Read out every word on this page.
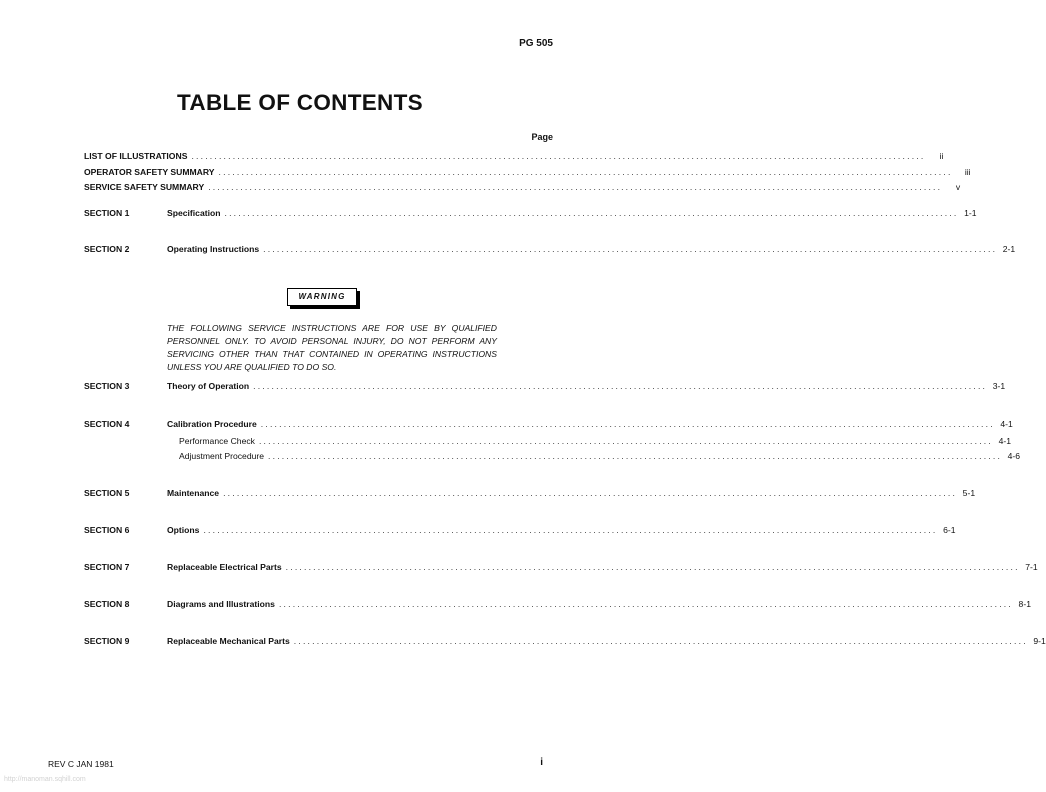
PG 505
TABLE OF CONTENTS
Page
LIST OF ILLUSTRATIONS ................................................................................................................................................................	ii
OPERATOR SAFETY SUMMARY ................................................................................................................................................................	iii
SERVICE SAFETY SUMMARY ................................................................................................................................................................	v
SECTION 1	Specification ................................................................................................................................................................ 1-1
SECTION 2	Operating Instructions ................................................................................................................................................................ 2-1
WARNING
THE FOLLOWING SERVICE INSTRUCTIONS ARE FOR USE BY QUALIFIED PERSONNEL ONLY. TO AVOID PERSONAL INJURY, DO NOT PERFORM ANY SERVICING OTHER THAN THAT CONTAINED IN OPERATING INSTRUCTIONS UNLESS YOU ARE QUALIFIED TO DO SO.
SECTION 3	Theory of Operation ................................................................................................................................................................ 3-1
SECTION 4	Calibration Procedure ................................................................................................................................................................ 4-1
Performance Check ................................................................................................................................................................ 4-1
Adjustment Procedure ................................................................................................................................................................ 4-6
SECTION 5	Maintenance ................................................................................................................................................................ 5-1
SECTION 6	Options ................................................................................................................................................................ 6-1
SECTION 7	Replaceable Electrical Parts ................................................................................................................................................................ 7-1
SECTION 8	Diagrams and Illustrations ................................................................................................................................................................ 8-1
SECTION 9	Replaceable Mechanical Parts ................................................................................................................................................................ 9-1
REV C JAN 1981	i
http://manoman.sqhill.com
